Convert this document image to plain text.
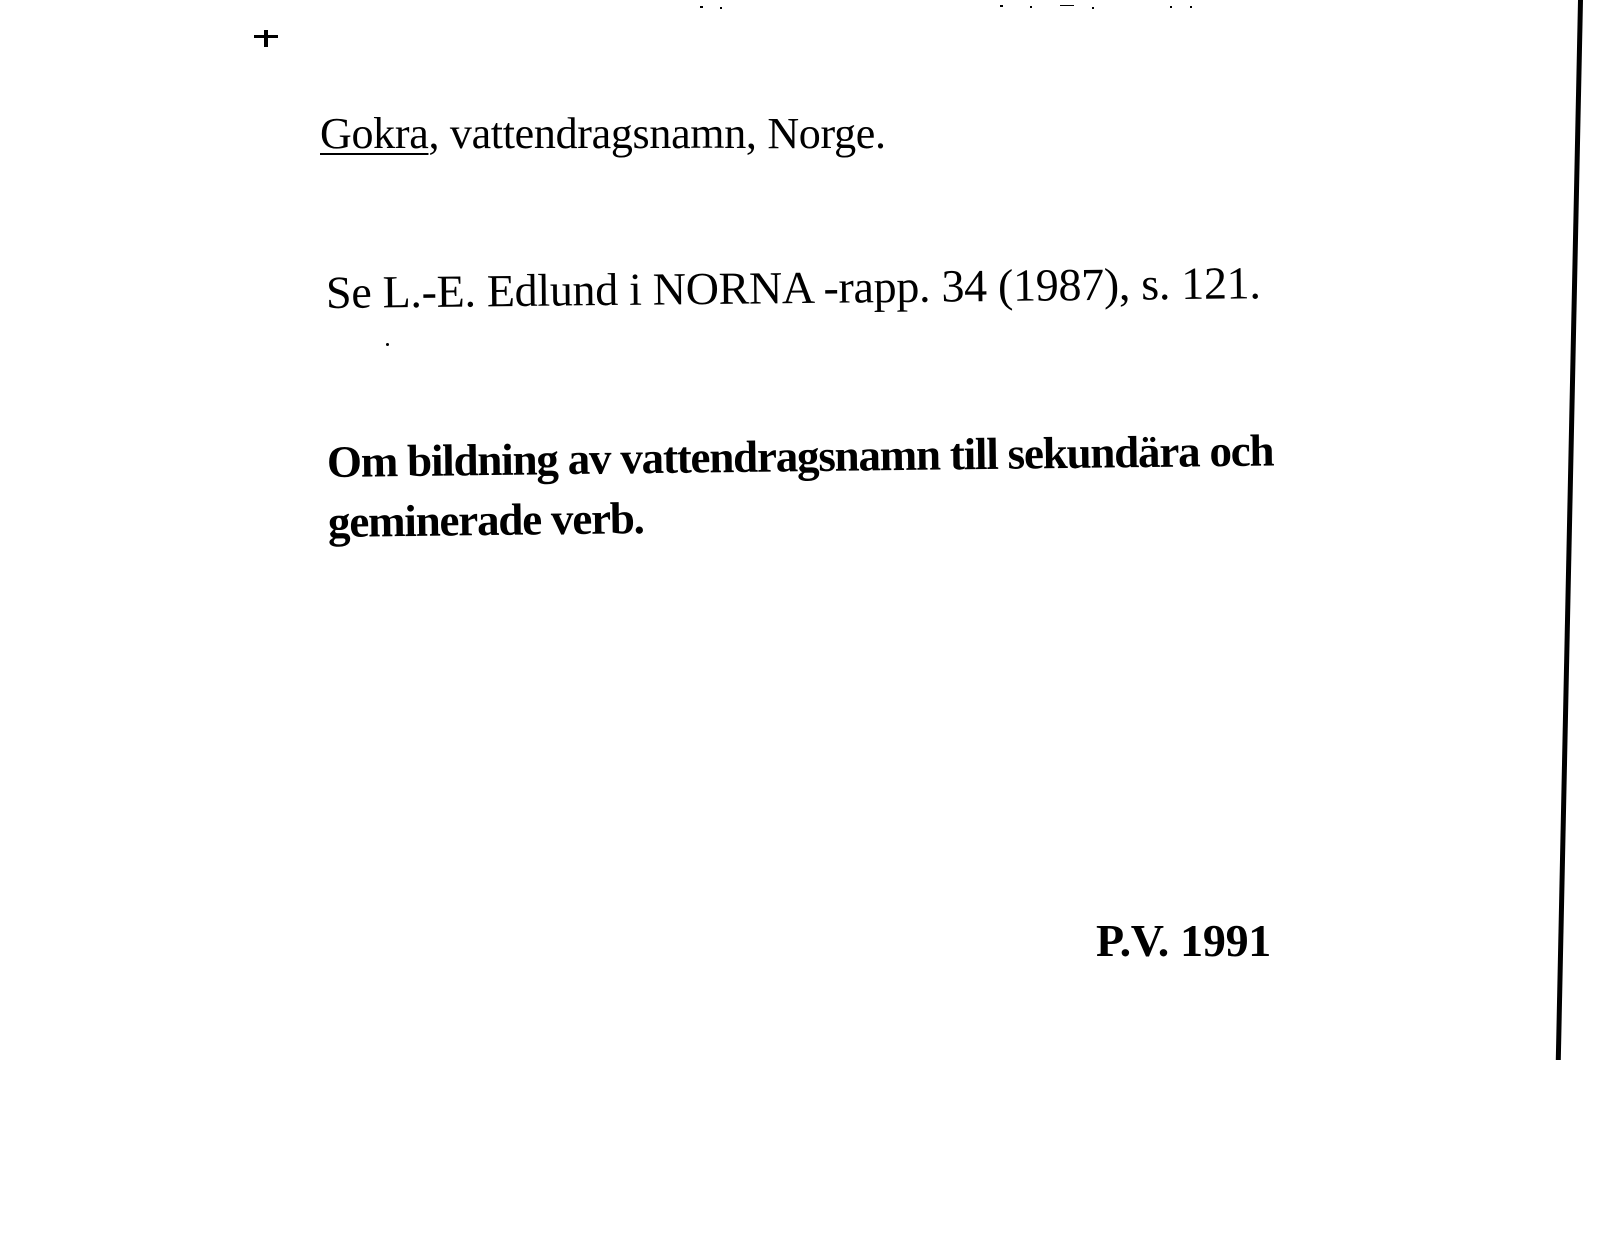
Gokra, vattendragsnamn, Norge.
Se L.-E. Edlund i NORNA -rapp. 34 (1987), s. 121.
Om bildning av vattendragsnamn till sekundära och
geminerade verb.
P.V. 1991
